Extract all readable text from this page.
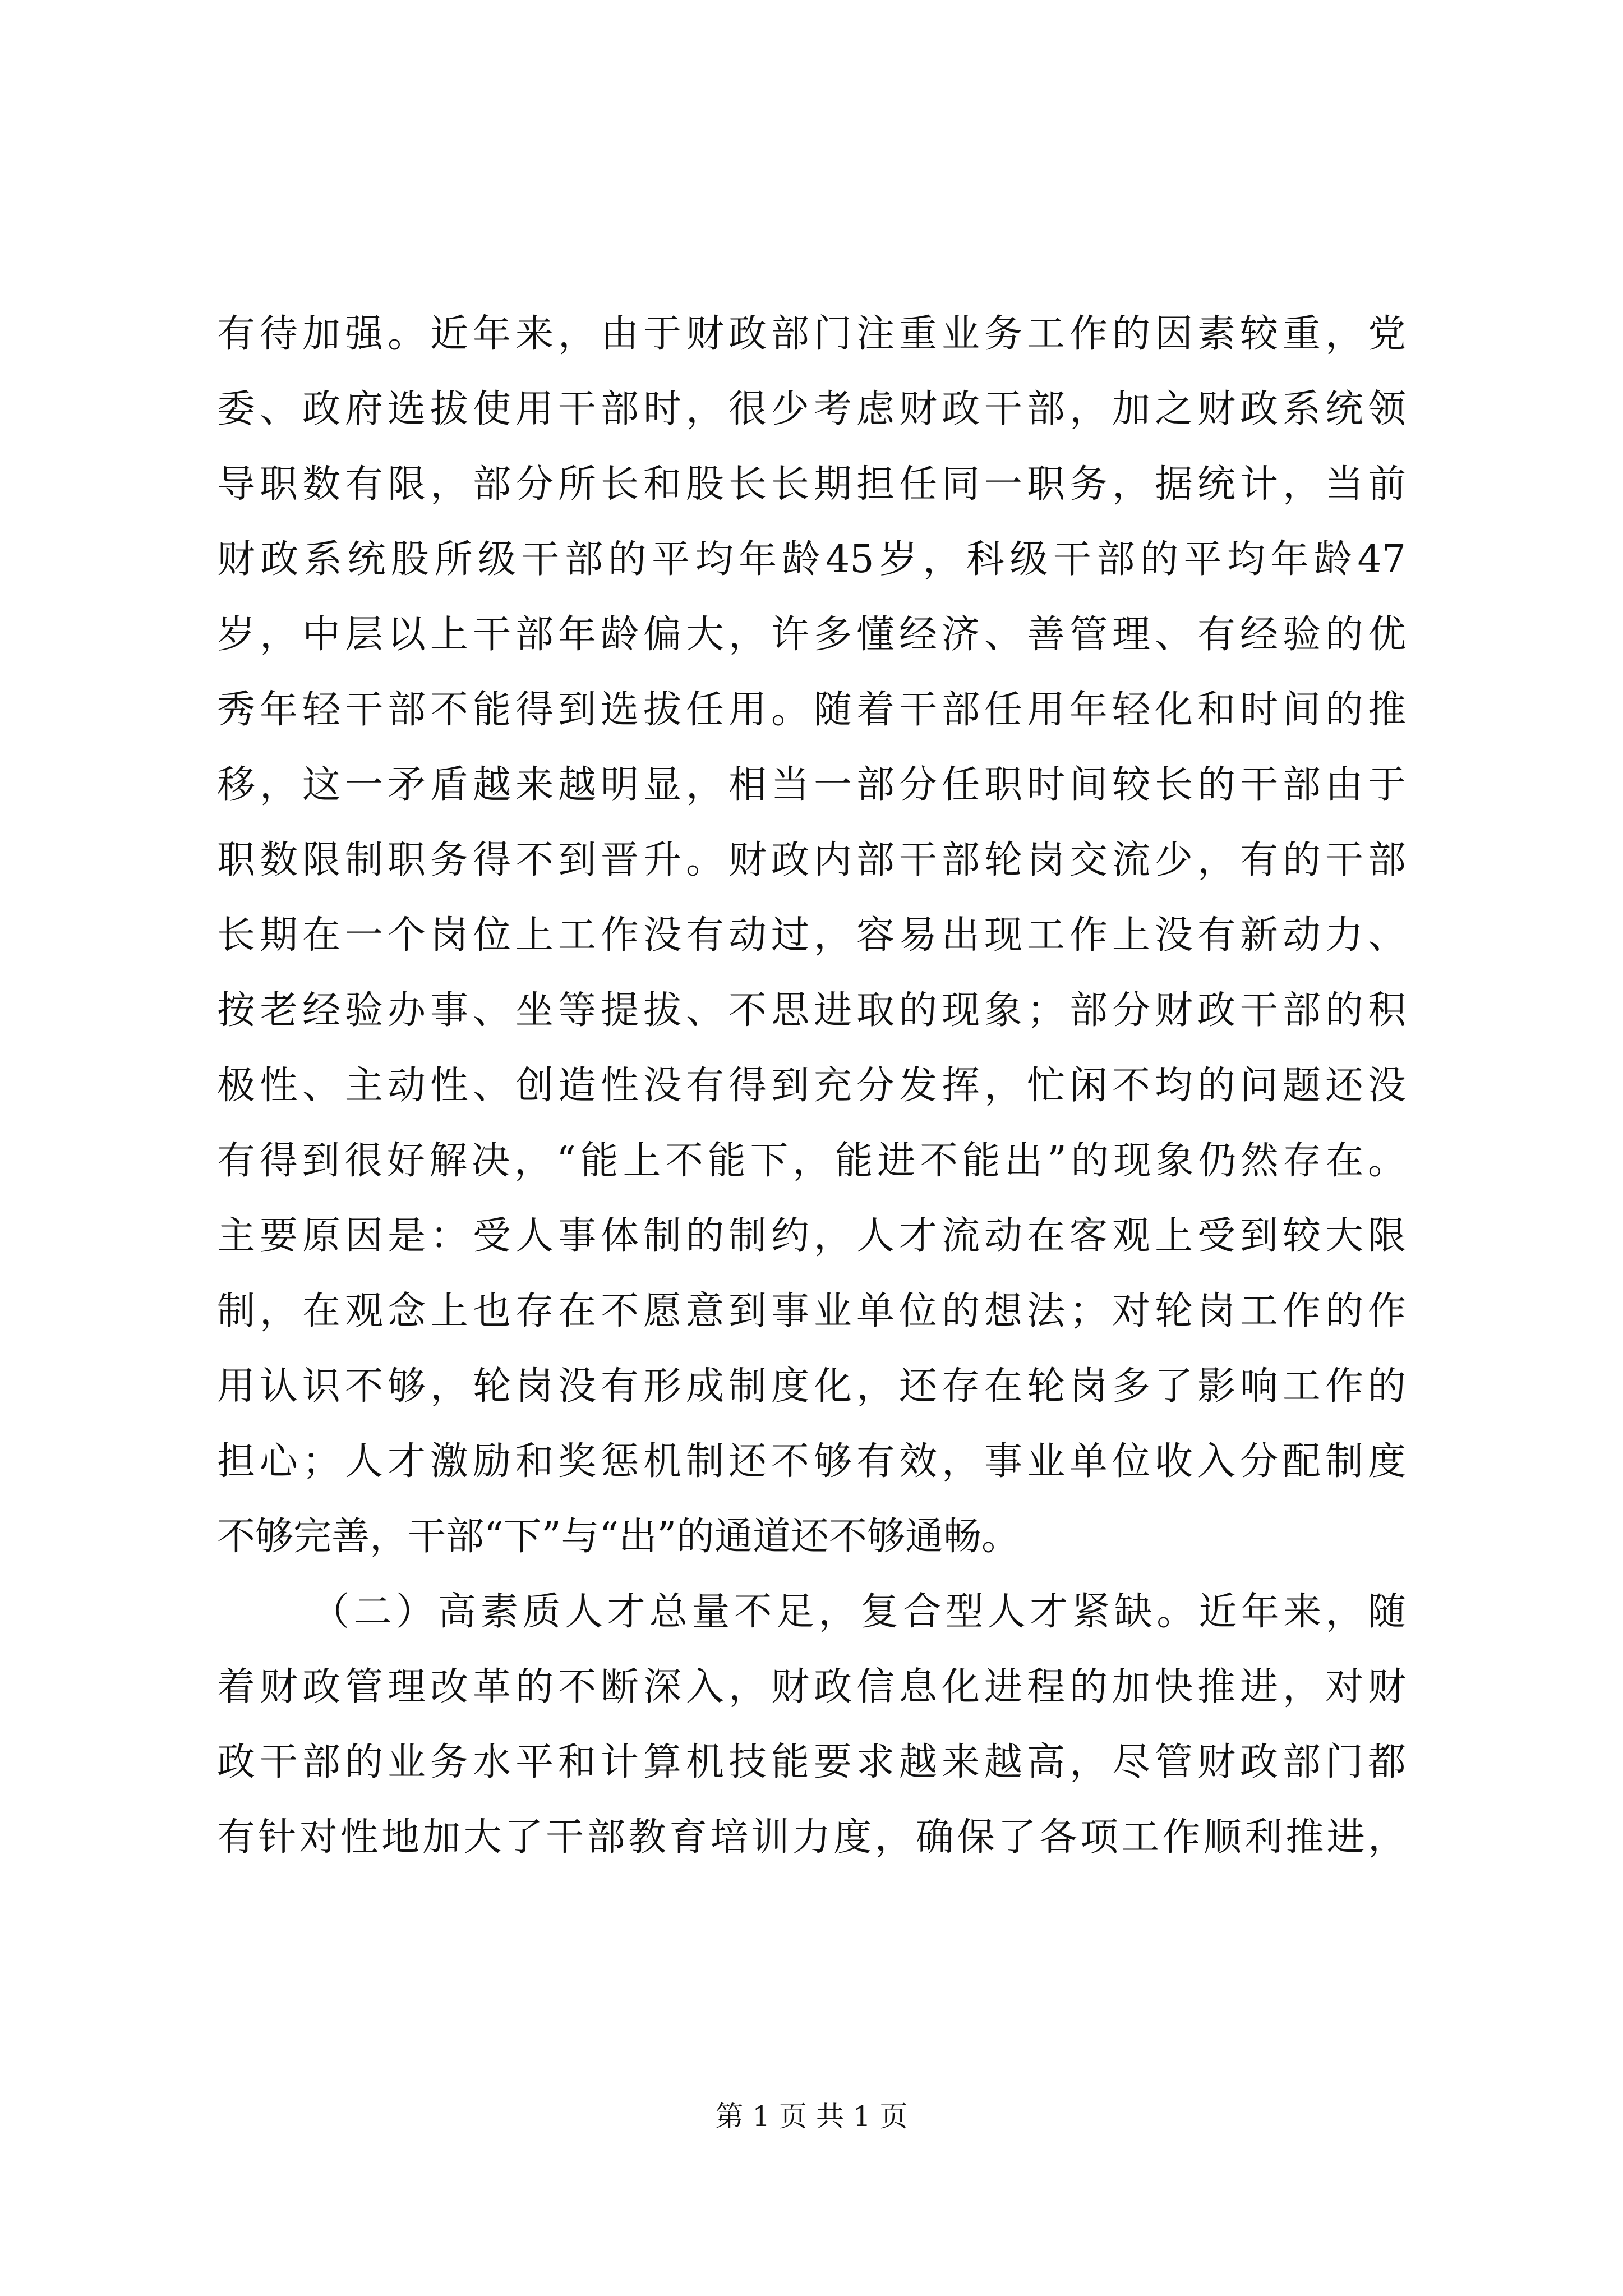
有待加强。近年来，由于财政部门注重业务工作的因素较重，党
委、政府选拔使用干部时，很少考虑财政干部，加之财政系统领
导职数有限，部分所长和股长长期担任同一职务，据统计，当前
财政系统股所级干部的平均年龄45岁，科级干部的平均年龄47
岁，中层以上干部年龄偏大，许多懂经济、善管理、有经验的优
秀年轻干部不能得到选拔任用。随着干部任用年轻化和时间的推
移，这一矛盾越来越明显，相当一部分任职时间较长的干部由于
职数限制职务得不到晋升。财政内部干部轮岗交流少，有的干部
长期在一个岗位上工作没有动过，容易出现工作上没有新动力、
按老经验办事、坐等提拔、不思进取的现象；部分财政干部的积
极性、主动性、创造性没有得到充分发挥，忙闲不均的问题还没
有得到很好解决，“能上不能下，能进不能出”的现象仍然存在。
主要原因是：受人事体制的制约，人才流动在客观上受到较大限
制，在观念上也存在不愿意到事业单位的想法；对轮岗工作的作
用认识不够，轮岗没有形成制度化，还存在轮岗多了影响工作的
担心；人才激励和奖惩机制还不够有效，事业单位收入分配制度
不够完善，干部“下”与“出”的通道还不够通畅。
（二）高素质人才总量不足，复合型人才紧缺。近年来，随
着财政管理改革的不断深入，财政信息化进程的加快推进，对财
政干部的业务水平和计算机技能要求越来越高，尽管财政部门都
有针对性地加大了干部教育培训力度，确保了各项工作顺利推进，
第 1 页 共 1 页
